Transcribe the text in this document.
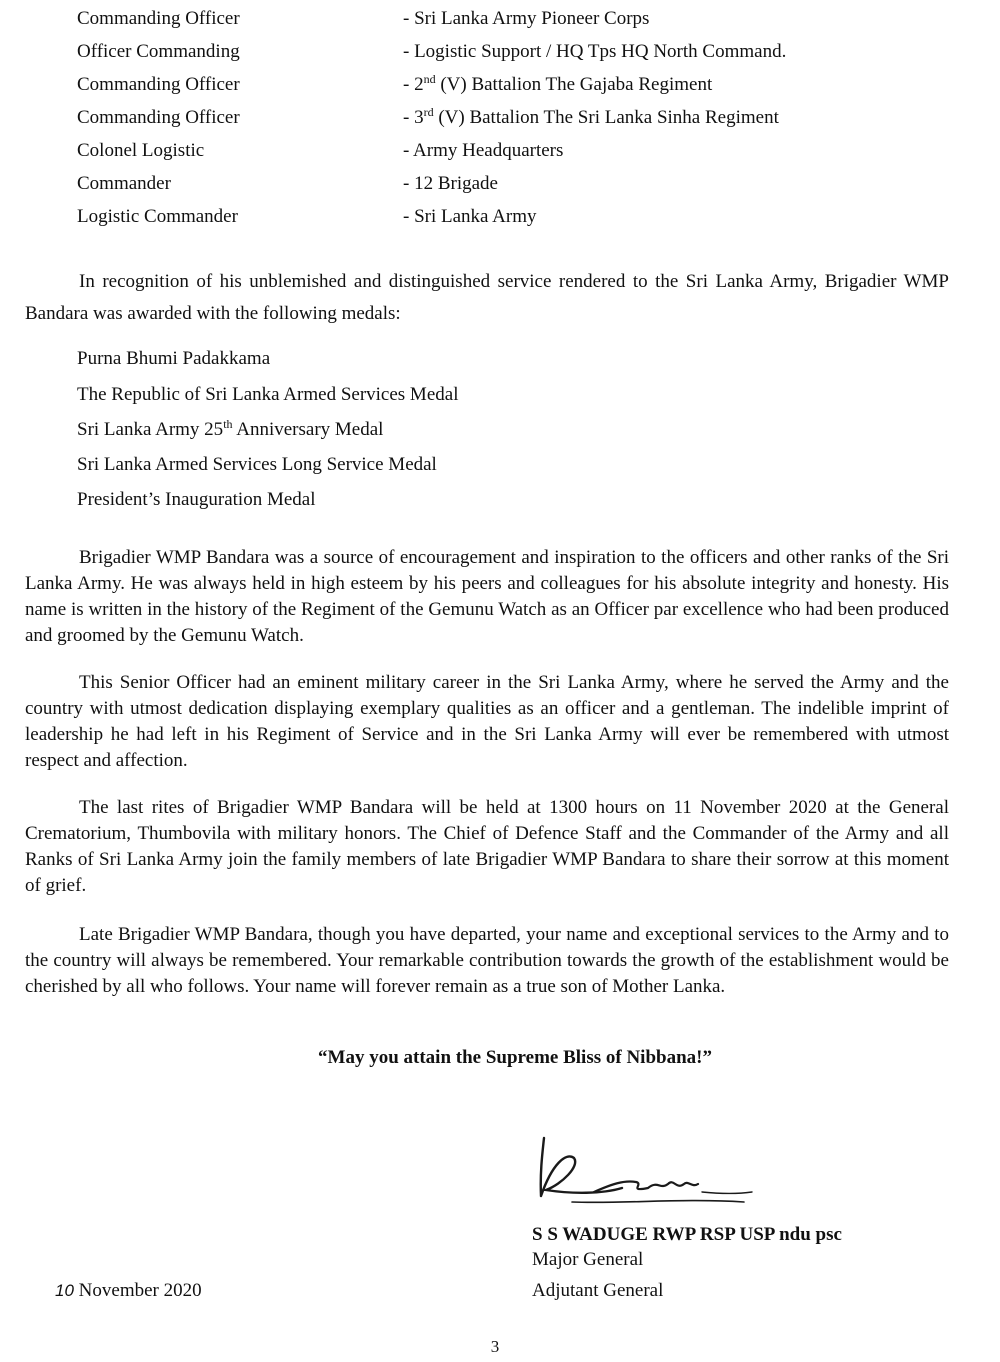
Commanding Officer	- Sri Lanka Army Pioneer Corps
Officer Commanding	- Logistic Support / HQ Tps HQ North Command.
Commanding Officer	- 2nd (V) Battalion The Gajaba Regiment
Commanding Officer	- 3rd (V) Battalion The Sri Lanka Sinha Regiment
Colonel Logistic	- Army Headquarters
Commander	- 12 Brigade
Logistic Commander	- Sri Lanka Army

In recognition of his unblemished and distinguished service rendered to the Sri Lanka Army, Brigadier WMP Bandara was awarded with the following medals:

Purna Bhumi Padakkama
The Republic of Sri Lanka Armed Services Medal
Sri Lanka Army 25th Anniversary Medal
Sri Lanka Armed Services Long Service Medal
President’s Inauguration Medal

Brigadier WMP Bandara was a source of encouragement and inspiration to the officers and other ranks of the Sri Lanka Army. He was always held in high esteem by his peers and colleagues for his absolute integrity and honesty. His name is written in the history of the Regiment of the Gemunu Watch as an Officer par excellence who had been produced and groomed by the Gemunu Watch.

This Senior Officer had an eminent military career in the Sri Lanka Army, where he served the Army and the country with utmost dedication displaying exemplary qualities as an officer and a gentleman. The indelible imprint of leadership he had left in his Regiment of Service and in the Sri Lanka Army will ever be remembered with utmost respect and affection.

The last rites of Brigadier WMP Bandara will be held at 1300 hours on 11 November 2020 at the General Crematorium, Thumbovila with military honors. The Chief of Defence Staff and the Commander of the Army and all Ranks of Sri Lanka Army join the family members of late Brigadier WMP Bandara to share their sorrow at this moment of grief.

Late Brigadier WMP Bandara, though you have departed, your name and exceptional services to the Army and to the country will always be remembered. Your remarkable contribution towards the growth of the establishment would be cherished by all who follows. Your name will forever remain as a true son of Mother Lanka.

“May you attain the Supreme Bliss of Nibbana!”
S S WADUGE RWP RSP USP ndu psc
Major General
Adjutant General
10 November 2020
3
